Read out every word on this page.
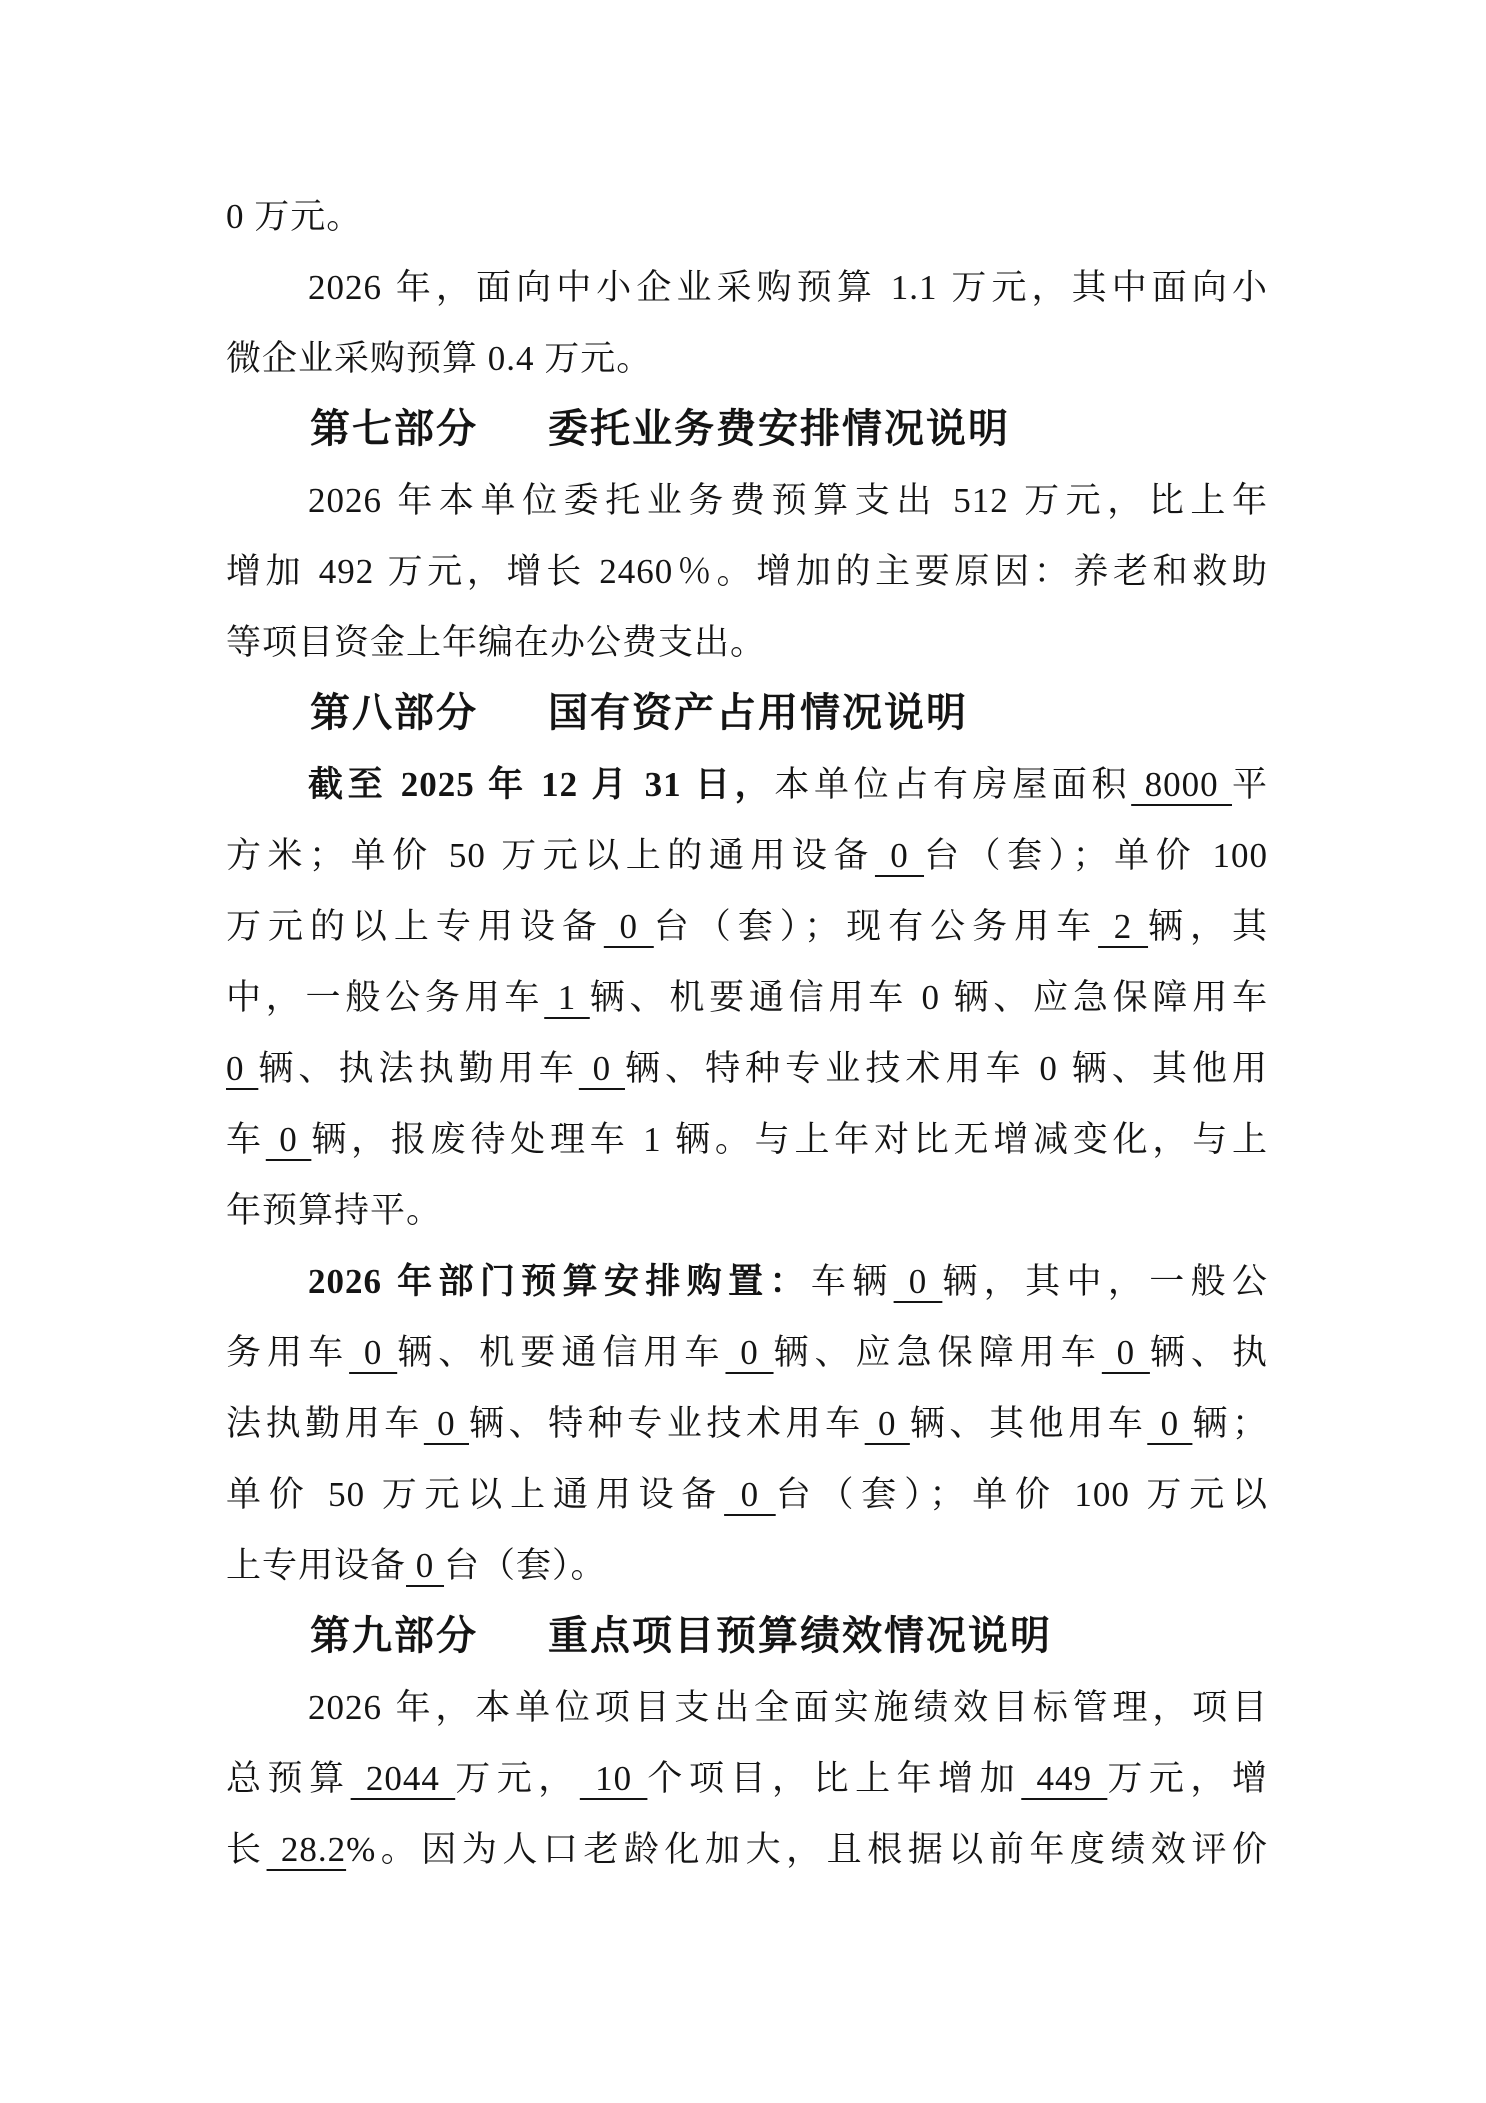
0 万元。
2026 年，面向中小企业采购预算 1.1 万元，其中面向小
微企业采购预算 0.4 万元。
第七部分 委托业务费安排情况说明
2026 年本单位委托业务费预算支出 512 万元，比上年
增加 492 万元，增长 2460％。增加的主要原因：养老和救助
等项目资金上年编在办公费支出。
第八部分 国有资产占用情况说明
截至 2025 年 12 月 31 日，本单位占有房屋面积 8000 平
方米；单价 50 万元以上的通用设备 0 台（套）；单价 100
万元的以上专用设备 0 台（套）；现有公务用车 2 辆，其
中，一般公务用车 1 辆、机要通信用车 0 辆、应急保障用车
0 辆、执法执勤用车 0 辆、特种专业技术用车 0 辆、其他用
车 0 辆，报废待处理车 1 辆。与上年对比无增减变化，与上
年预算持平。
2026 年部门预算安排购置：车辆 0 辆，其中，一般公
务用车 0 辆、机要通信用车 0 辆、应急保障用车 0 辆、执
法执勤用车 0 辆、特种专业技术用车 0 辆、其他用车 0 辆；
单价 50 万元以上通用设备 0 台（套）；单价 100 万元以
上专用设备 0 台（套）。
第九部分 重点项目预算绩效情况说明
2026 年，本单位项目支出全面实施绩效目标管理，项目
总预算 2044 万元， 10 个项目，比上年增加 449 万元，增
长 28.2%。因为人口老龄化加大，且根据以前年度绩效评价
